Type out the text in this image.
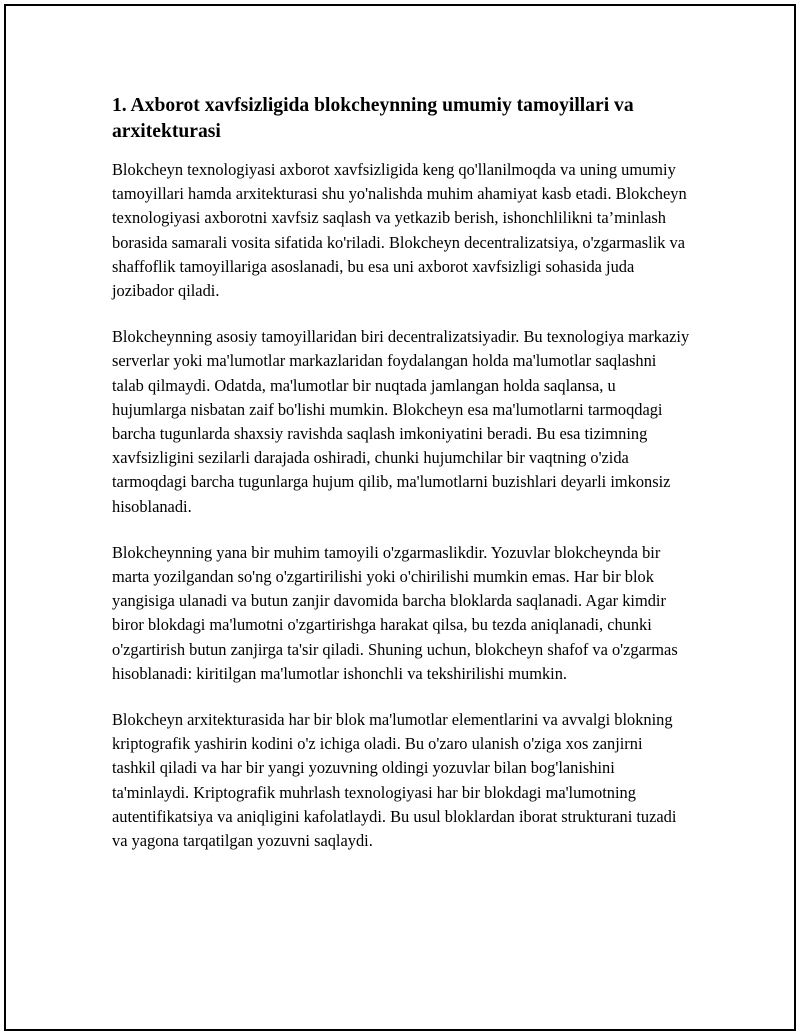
1. Axborot xavfsizligida blokcheynning umumiy tamoyillari va arxitekturasi

Blokcheyn texnologiyasi axborot xavfsizligida keng qo'llanilmoqda va uning umumiy tamoyillari hamda arxitekturasi shu yo'nalishda muhim ahamiyat kasb etadi. Blokcheyn texnologiyasi axborotni xavfsiz saqlash va yetkazib berish, ishonchlilikni ta’minlash borasida samarali vosita sifatida ko'riladi. Blokcheyn decentralizatsiya, o'zgarmaslik va shaffoflik tamoyillariga asoslanadi, bu esa uni axborot xavfsizligi sohasida juda jozibador qiladi.

Blokcheynning asosiy tamoyillaridan biri decentralizatsiyadir. Bu texnologiya markaziy serverlar yoki ma'lumotlar markazlaridan foydalangan holda ma'lumotlar saqlashni talab qilmaydi. Odatda, ma'lumotlar bir nuqtada jamlangan holda saqlansa, u hujumlarga nisbatan zaif bo'lishi mumkin. Blokcheyn esa ma'lumotlarni tarmoqdagi barcha tugunlarda shaxsiy ravishda saqlash imkoniyatini beradi. Bu esa tizimning xavfsizligini sezilarli darajada oshiradi, chunki hujumchilar bir vaqtning o'zida tarmoqdagi barcha tugunlarga hujum qilib, ma'lumotlarni buzishlari deyarli imkonsiz hisoblanadi.

Blokcheynning yana bir muhim tamoyili o'zgarmaslikdir. Yozuvlar blokcheynda bir marta yozilgandan so'ng o'zgartirilishi yoki o'chirilishi mumkin emas. Har bir blok yangisiga ulanadi va butun zanjir davomida barcha bloklarda saqlanadi. Agar kimdir biror blokdagi ma'lumotni o'zgartirishga harakat qilsa, bu tezda aniqlanadi, chunki o'zgartirish butun zanjirga ta'sir qiladi. Shuning uchun, blokcheyn shafof va o'zgarmas hisoblanadi: kiritilgan ma'lumotlar ishonchli va tekshirilishi mumkin.

Blokcheyn arxitekturasida har bir blok ma'lumotlar elementlarini va avvalgi blokning kriptografik yashirin kodini o'z ichiga oladi. Bu o'zaro ulanish o'ziga xos zanjirni tashkil qiladi va har bir yangi yozuvning oldingi yozuvlar bilan bog'lanishini ta'minlaydi. Kriptografik muhrlash texnologiyasi har bir blokdagi ma'lumotning autentifikatsiya va aniqligini kafolatlaydi. Bu usul bloklardan iborat strukturani tuzadi va yagona tarqatilgan yozuvni saqlaydi.
